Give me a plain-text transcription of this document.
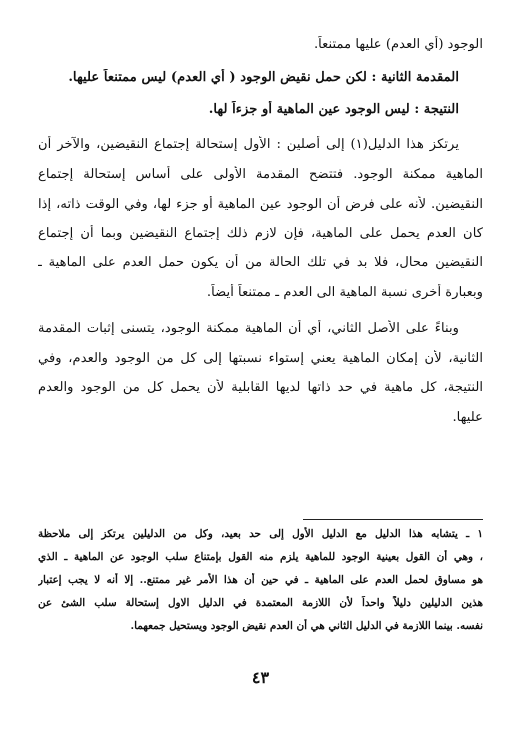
الوجود (أي العدم) عليها ممتنعاً.
المقدمة الثانية : لكن حمل نقيض الوجود ( أي العدم) ليس ممتنعاً عليها.
النتيجة : ليس الوجود عين الماهية أو جزءاً لها.
يرتكز هذا الدليل(١) إلى أصلين : الأول إستحالة إجتماع النقيضين، والآخر أن
الماهية ممكنة الوجود. فتتضح المقدمة الأولى على أساس إستحالة إجتماع
النقيضين. لأنه على فرض أن الوجود عين الماهية أو جزء لها، وفي الوقت ذاته، إذا
كان العدم يحمل على الماهية، فإن لازم ذلك إجتماع النقيضين وبما أن إجتماع
النقيضين محال، فلا بد في تلك الحالة من أن يكون حمل العدم على الماهية ـ
وبعبارة أخرى نسبة الماهية الى العدم ـ ممتنعاً أيضاً.
وبناءً على الأصل الثاني، أي أن الماهية ممكنة الوجود، يتسنى إثبات المقدمة
الثانية، لأن إمكان الماهية يعني إستواء نسبتها إلى كل من الوجود والعدم، وفي
النتيجة، كل ماهية في حد ذاتها لديها القابلية لأن يحمل كل من الوجود والعدم
عليها.
١ ـ يتشابه هذا الدليل مع الدليل الأول إلى حد بعيد، وكل من الدليلين يرتكز إلى ملاحظة
، وهي أن القول بعينية الوجود للماهية يلزم منه القول بإمتناع سلب الوجود عن الماهية ـ الذي
هو مساوق لحمل العدم على الماهية ـ في حين أن هذا الأمر غير ممتنع.. إلا أنه لا يجب إعتبار
هذين الدليلين دليلاً واحداً لأن اللازمة المعتمدة في الدليل الاول إستحالة سلب الشئ عن
نفسه. بينما اللازمة في الدليل الثاني هي أن العدم نقيض الوجود ويستحيل جمعهما.
٤٣
